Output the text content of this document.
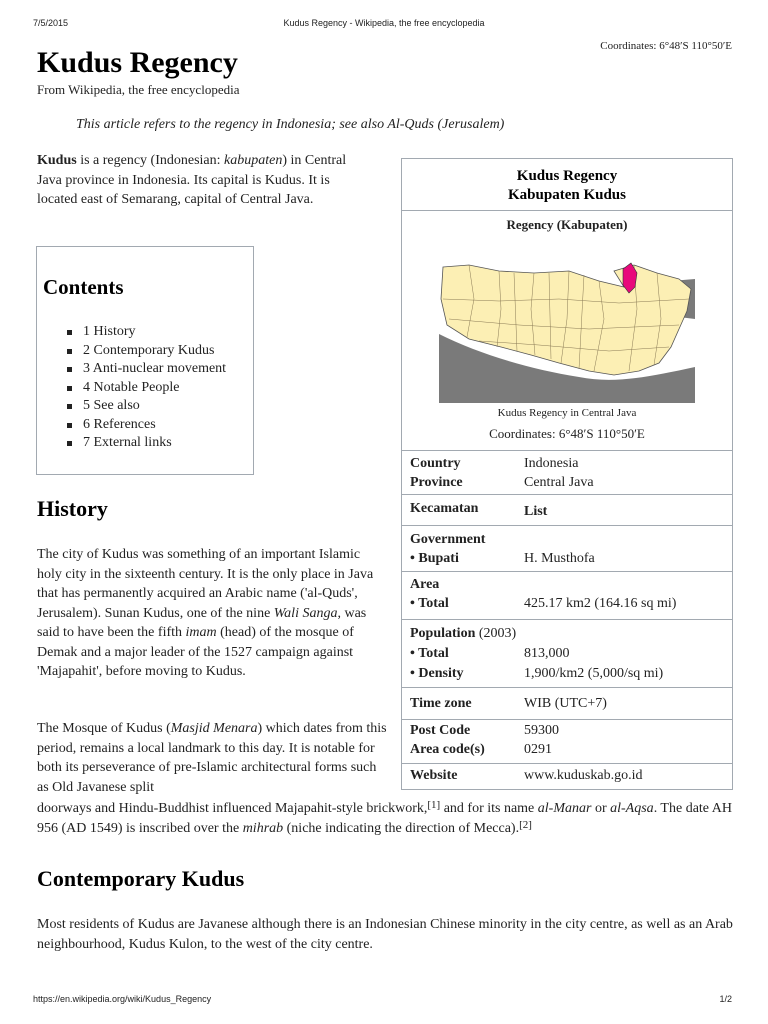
7/5/2015	Kudus Regency - Wikipedia, the free encyclopedia
Coordinates: 6°48′S 110°50′E
Kudus Regency
From Wikipedia, the free encyclopedia
This article refers to the regency in Indonesia; see also Al-Quds (Jerusalem)

Kudus is a regency (Indonesian: kabupaten) in Central Java province in Indonesia. Its capital is Kudus. It is located east of Semarang, capital of Central Java.

Contents
1 History
2 Contemporary Kudus
3 Anti-nuclear movement
4 Notable People
5 See also
6 References
7 External links
History

The city of Kudus was something of an important Islamic holy city in the sixteenth century. It is the only place in Java that has permanently acquired an Arabic name ('al-Quds', Jerusalem). Sunan Kudus, one of the nine Wali Sanga, was said to have been the fifth imam (head) of the mosque of Demak and a major leader of the 1527 campaign against 'Majapahit', before moving to Kudus.

The Mosque of Kudus (Masjid Menara) which dates from this period, remains a local landmark to this day. It is notable for both its perseverance of pre-Islamic architectural forms such as Old Javanese split

doorways and Hindu-Buddhist influenced Majapahit-style brickwork,[1] and for its name al-Manar or al-Aqsa. The date AH 956 (AD 1549) is inscribed over the mihrab (niche indicating the direction of Mecca).[2]

Contemporary Kudus

Most residents of Kudus are Javanese although there is an Indonesian Chinese minority in the city centre, as well as an Arab neighbourhood, Kudus Kulon, to the west of the city centre.

Kudus Regency
Kabupaten Kudus
Regency (Kabupaten)
Kudus Regency in Central Java
Coordinates: 6°48′S 110°50′E
Country	Indonesia
Province	Central Java
Kecamatan	List
Government
• Bupati	H. Musthofa
Area
• Total	425.17 km2 (164.16 sq mi)
Population (2003)
• Total	813,000
• Density	1,900/km2 (5,000/sq mi)
Time zone	WIB (UTC+7)
Post Code	59300
Area code(s)	0291
Website	www.kuduskab.go.id
https://en.wikipedia.org/wiki/Kudus_Regency	1/2
